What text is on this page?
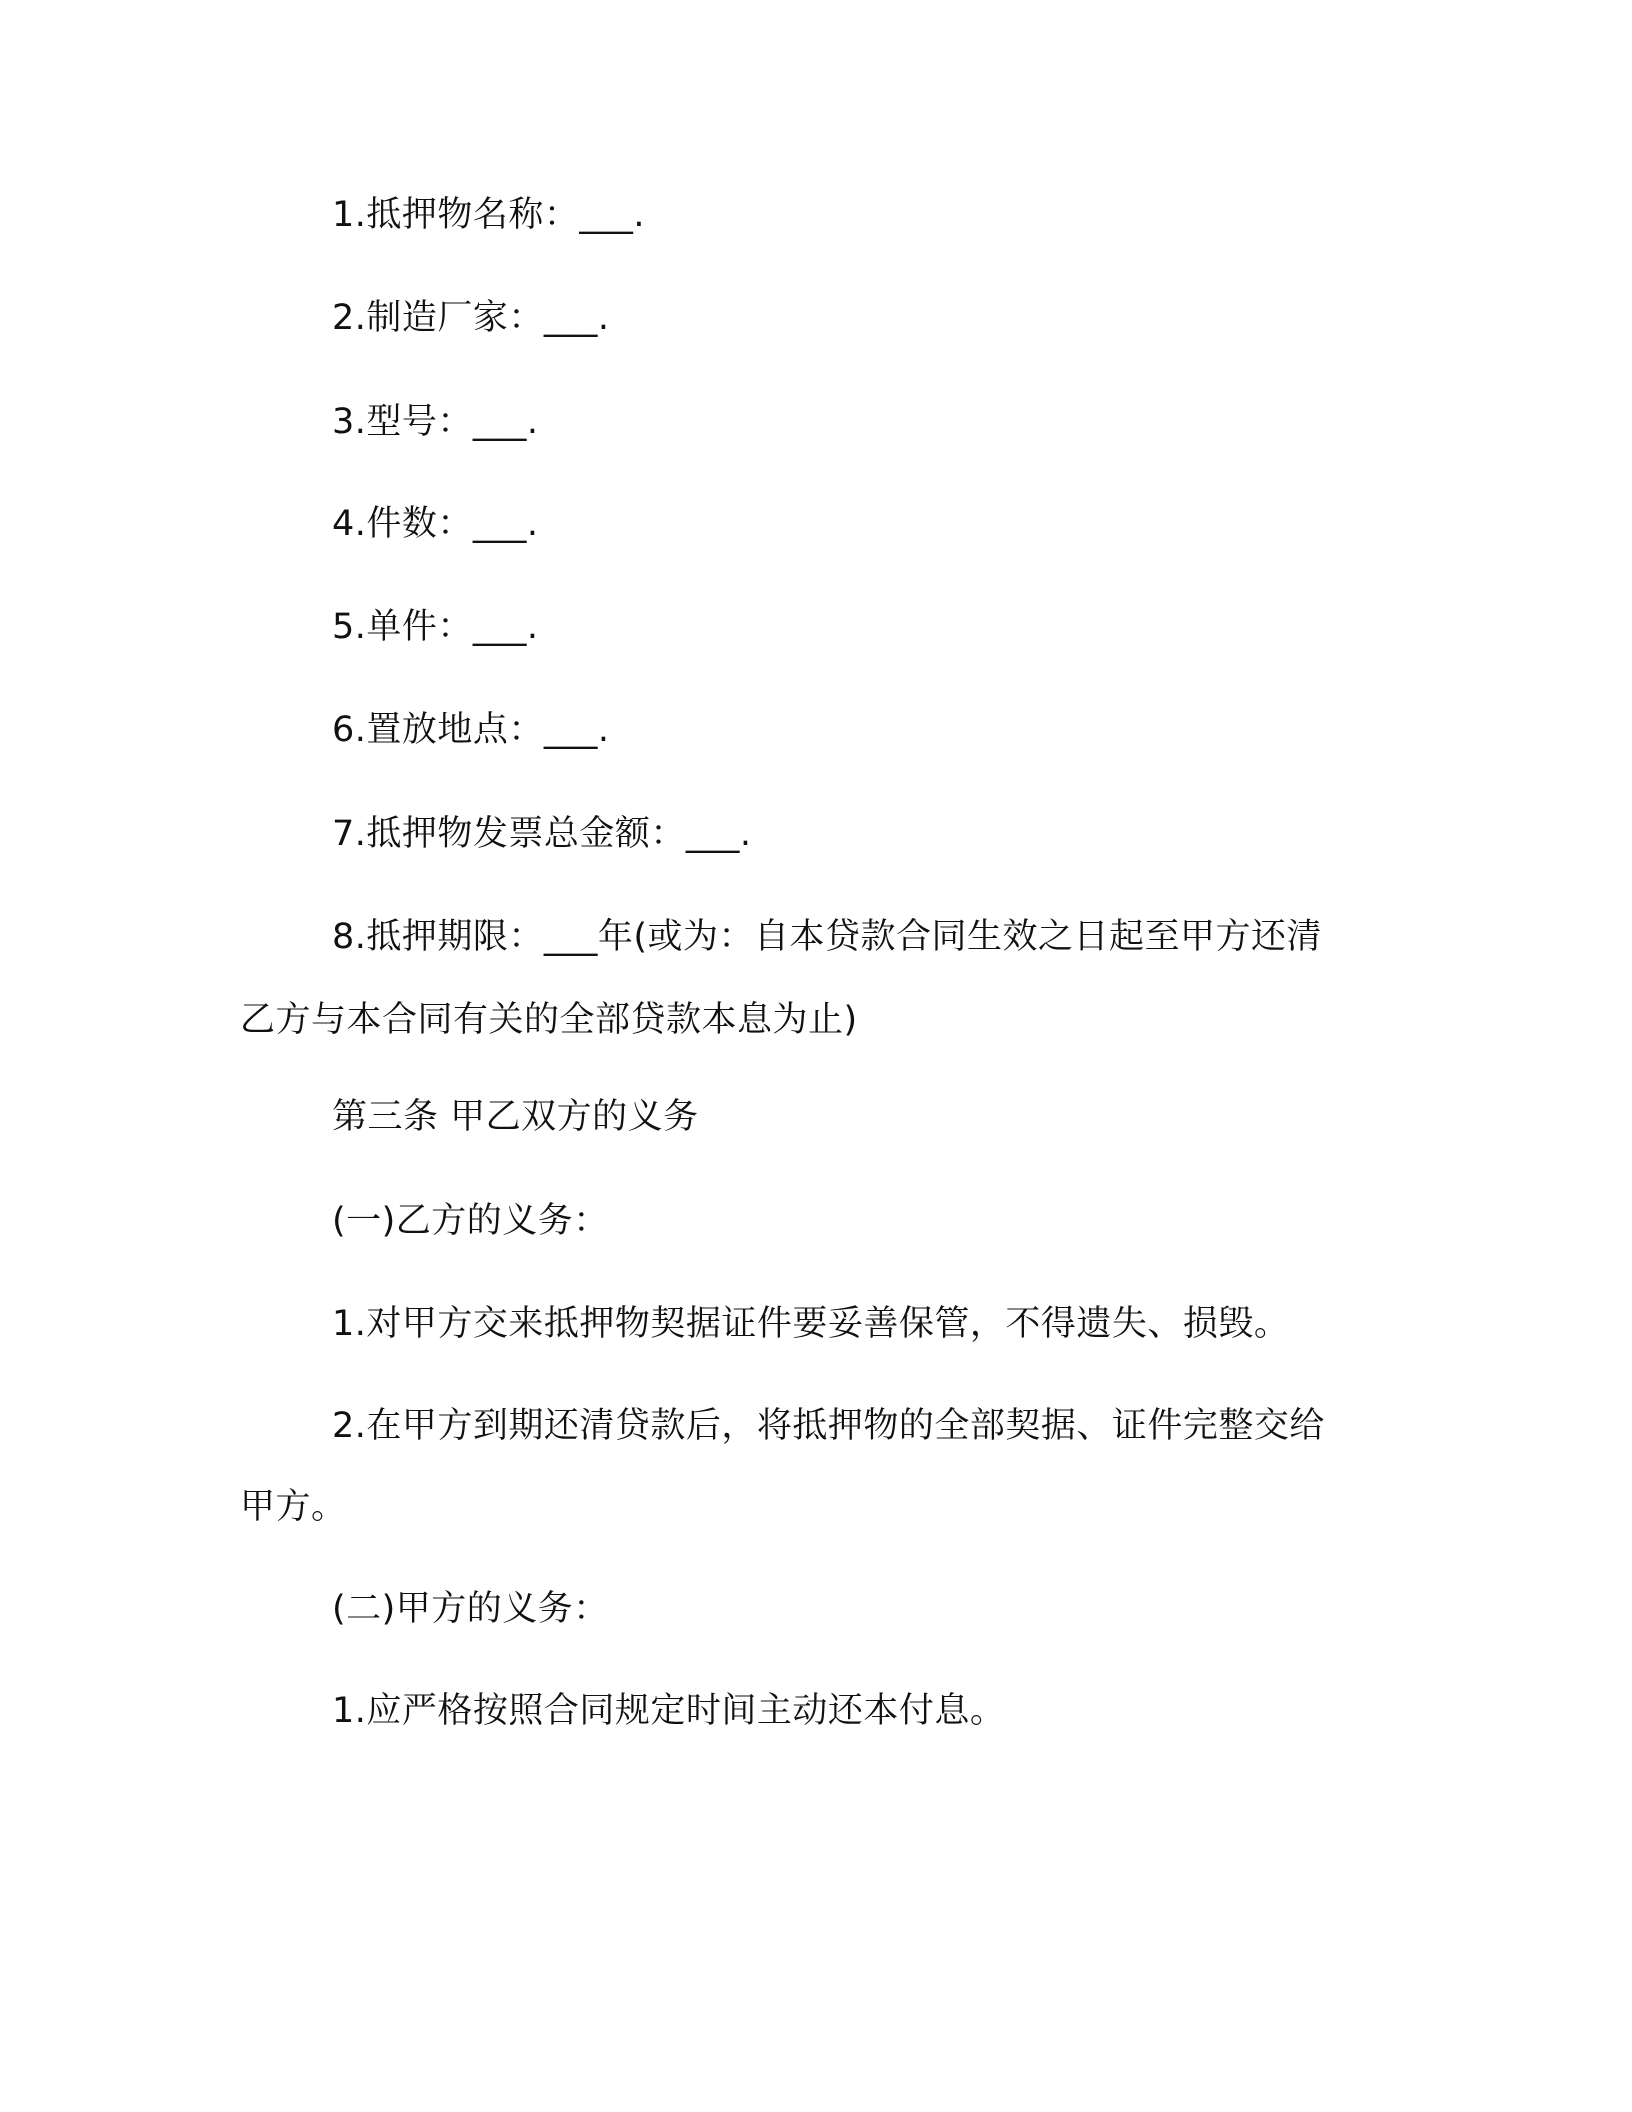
1.抵押物名称：___.

2.制造厂家：___.

3.型号：___.

4.件数：___.

5.单件：___.

6.置放地点：___.

7.抵押物发票总金额：___.

8.抵押期限：___年(或为：自本贷款合同生效之日起至甲方还清

乙方与本合同有关的全部贷款本息为止)

第三条 甲乙双方的义务

(一)乙方的义务：

1.对甲方交来抵押物契据证件要妥善保管，不得遗失、损毁。

2.在甲方到期还清贷款后，将抵押物的全部契据、证件完整交给

甲方。

(二)甲方的义务：

1.应严格按照合同规定时间主动还本付息。
